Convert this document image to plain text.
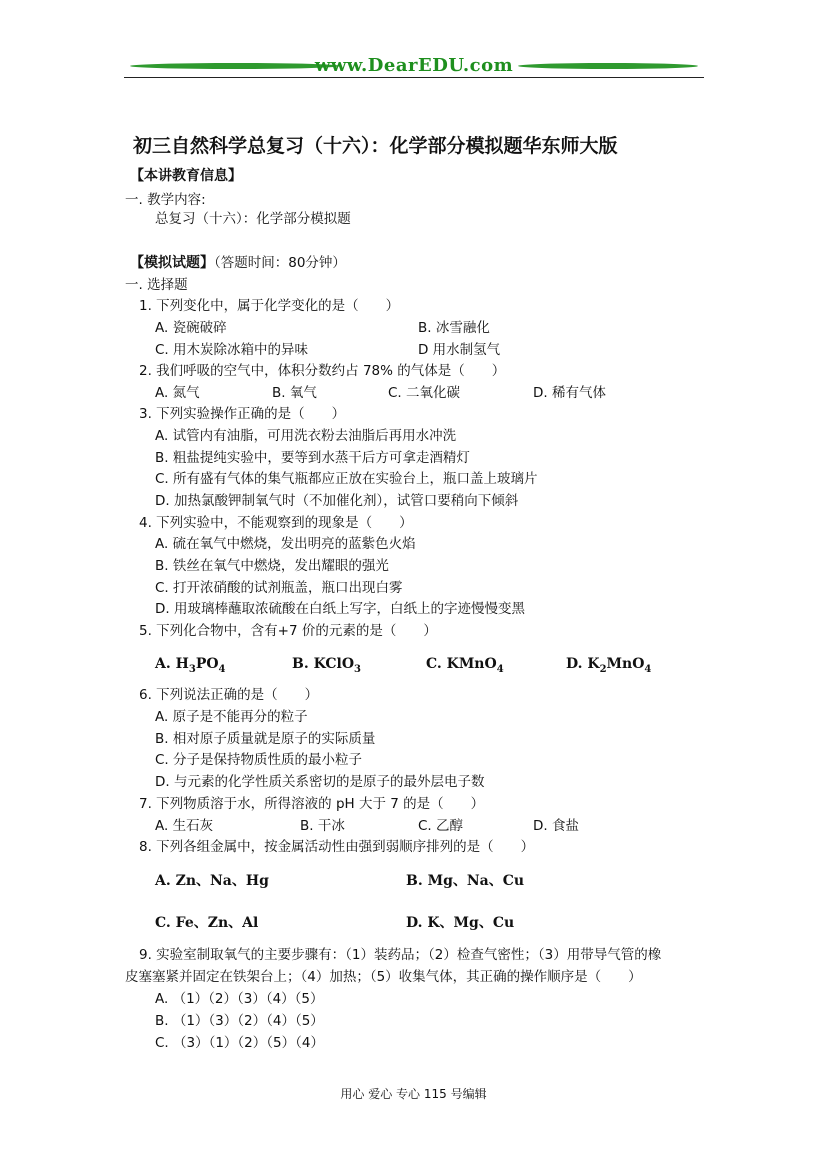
www.DearEDU.com
初三自然科学总复习（十六）：化学部分模拟题华东师大版
【本讲教育信息】
一. 教学内容:
总复习（十六）：化学部分模拟题
【模拟试题】（答题时间：80分钟）
一. 选择题
1. 下列变化中，属于化学变化的是（　　）
A. 瓷碗破碎	B. 冰雪融化
C. 用木炭除冰箱中的异味	D 用水制氢气
2. 我们呼吸的空气中，体积分数约占 78% 的气体是（　　）
A. 氮气	B. 氧气	C. 二氧化碳	D. 稀有气体
3. 下列实验操作正确的是（　　）
A. 试管内有油脂，可用洗衣粉去油脂后再用水冲洗
B. 粗盐提纯实验中，要等到水蒸干后方可拿走酒精灯
C. 所有盛有气体的集气瓶都应正放在实验台上，瓶口盖上玻璃片
D. 加热氯酸钾制氧气时（不加催化剂），试管口要稍向下倾斜
4. 下列实验中，不能观察到的现象是（　　）
A. 硫在氧气中燃烧，发出明亮的蓝紫色火焰
B. 铁丝在氧气中燃烧，发出耀眼的强光
C. 打开浓硝酸的试剂瓶盖，瓶口出现白雾
D. 用玻璃棒蘸取浓硫酸在白纸上写字，白纸上的字迹慢慢变黑
5. 下列化合物中，含有+7 价的元素的是（　　）
A. $H_3PO_4$	B. KClO$_3$	C. KMnO$_4$	D. $K_2MnO_4$
6. 下列说法正确的是（　　）
A. 原子是不能再分的粒子
B. 相对原子质量就是原子的实际质量
C. 分子是保持物质性质的最小粒子
D. 与元素的化学性质关系密切的是原子的最外层电子数
7. 下列物质溶于水，所得溶液的 pH 大于 7 的是（　　）
A. 生石灰	B. 干冰	C. 乙醇	D. 食盐
8. 下列各组金属中，按金属活动性由强到弱顺序排列的是（　　）
A. Zn、Na、Hg	B. Mg、Na、Cu
C. Fe、Zn、Al	D. K、Mg、Cu
9. 实验室制取氧气的主要步骤有：（1）装药品；（2）检查气密性；（3）用带导气管的橡
皮塞塞紧并固定在铁架台上；（4）加热；（5）收集气体，其正确的操作顺序是（　　）
A. （1）（2）（3）（4）（5）
B. （1）（3）（2）（4）（5）
C. （3）（1）（2）（5）（4）
用心 爱心 专心 115 号编辑
